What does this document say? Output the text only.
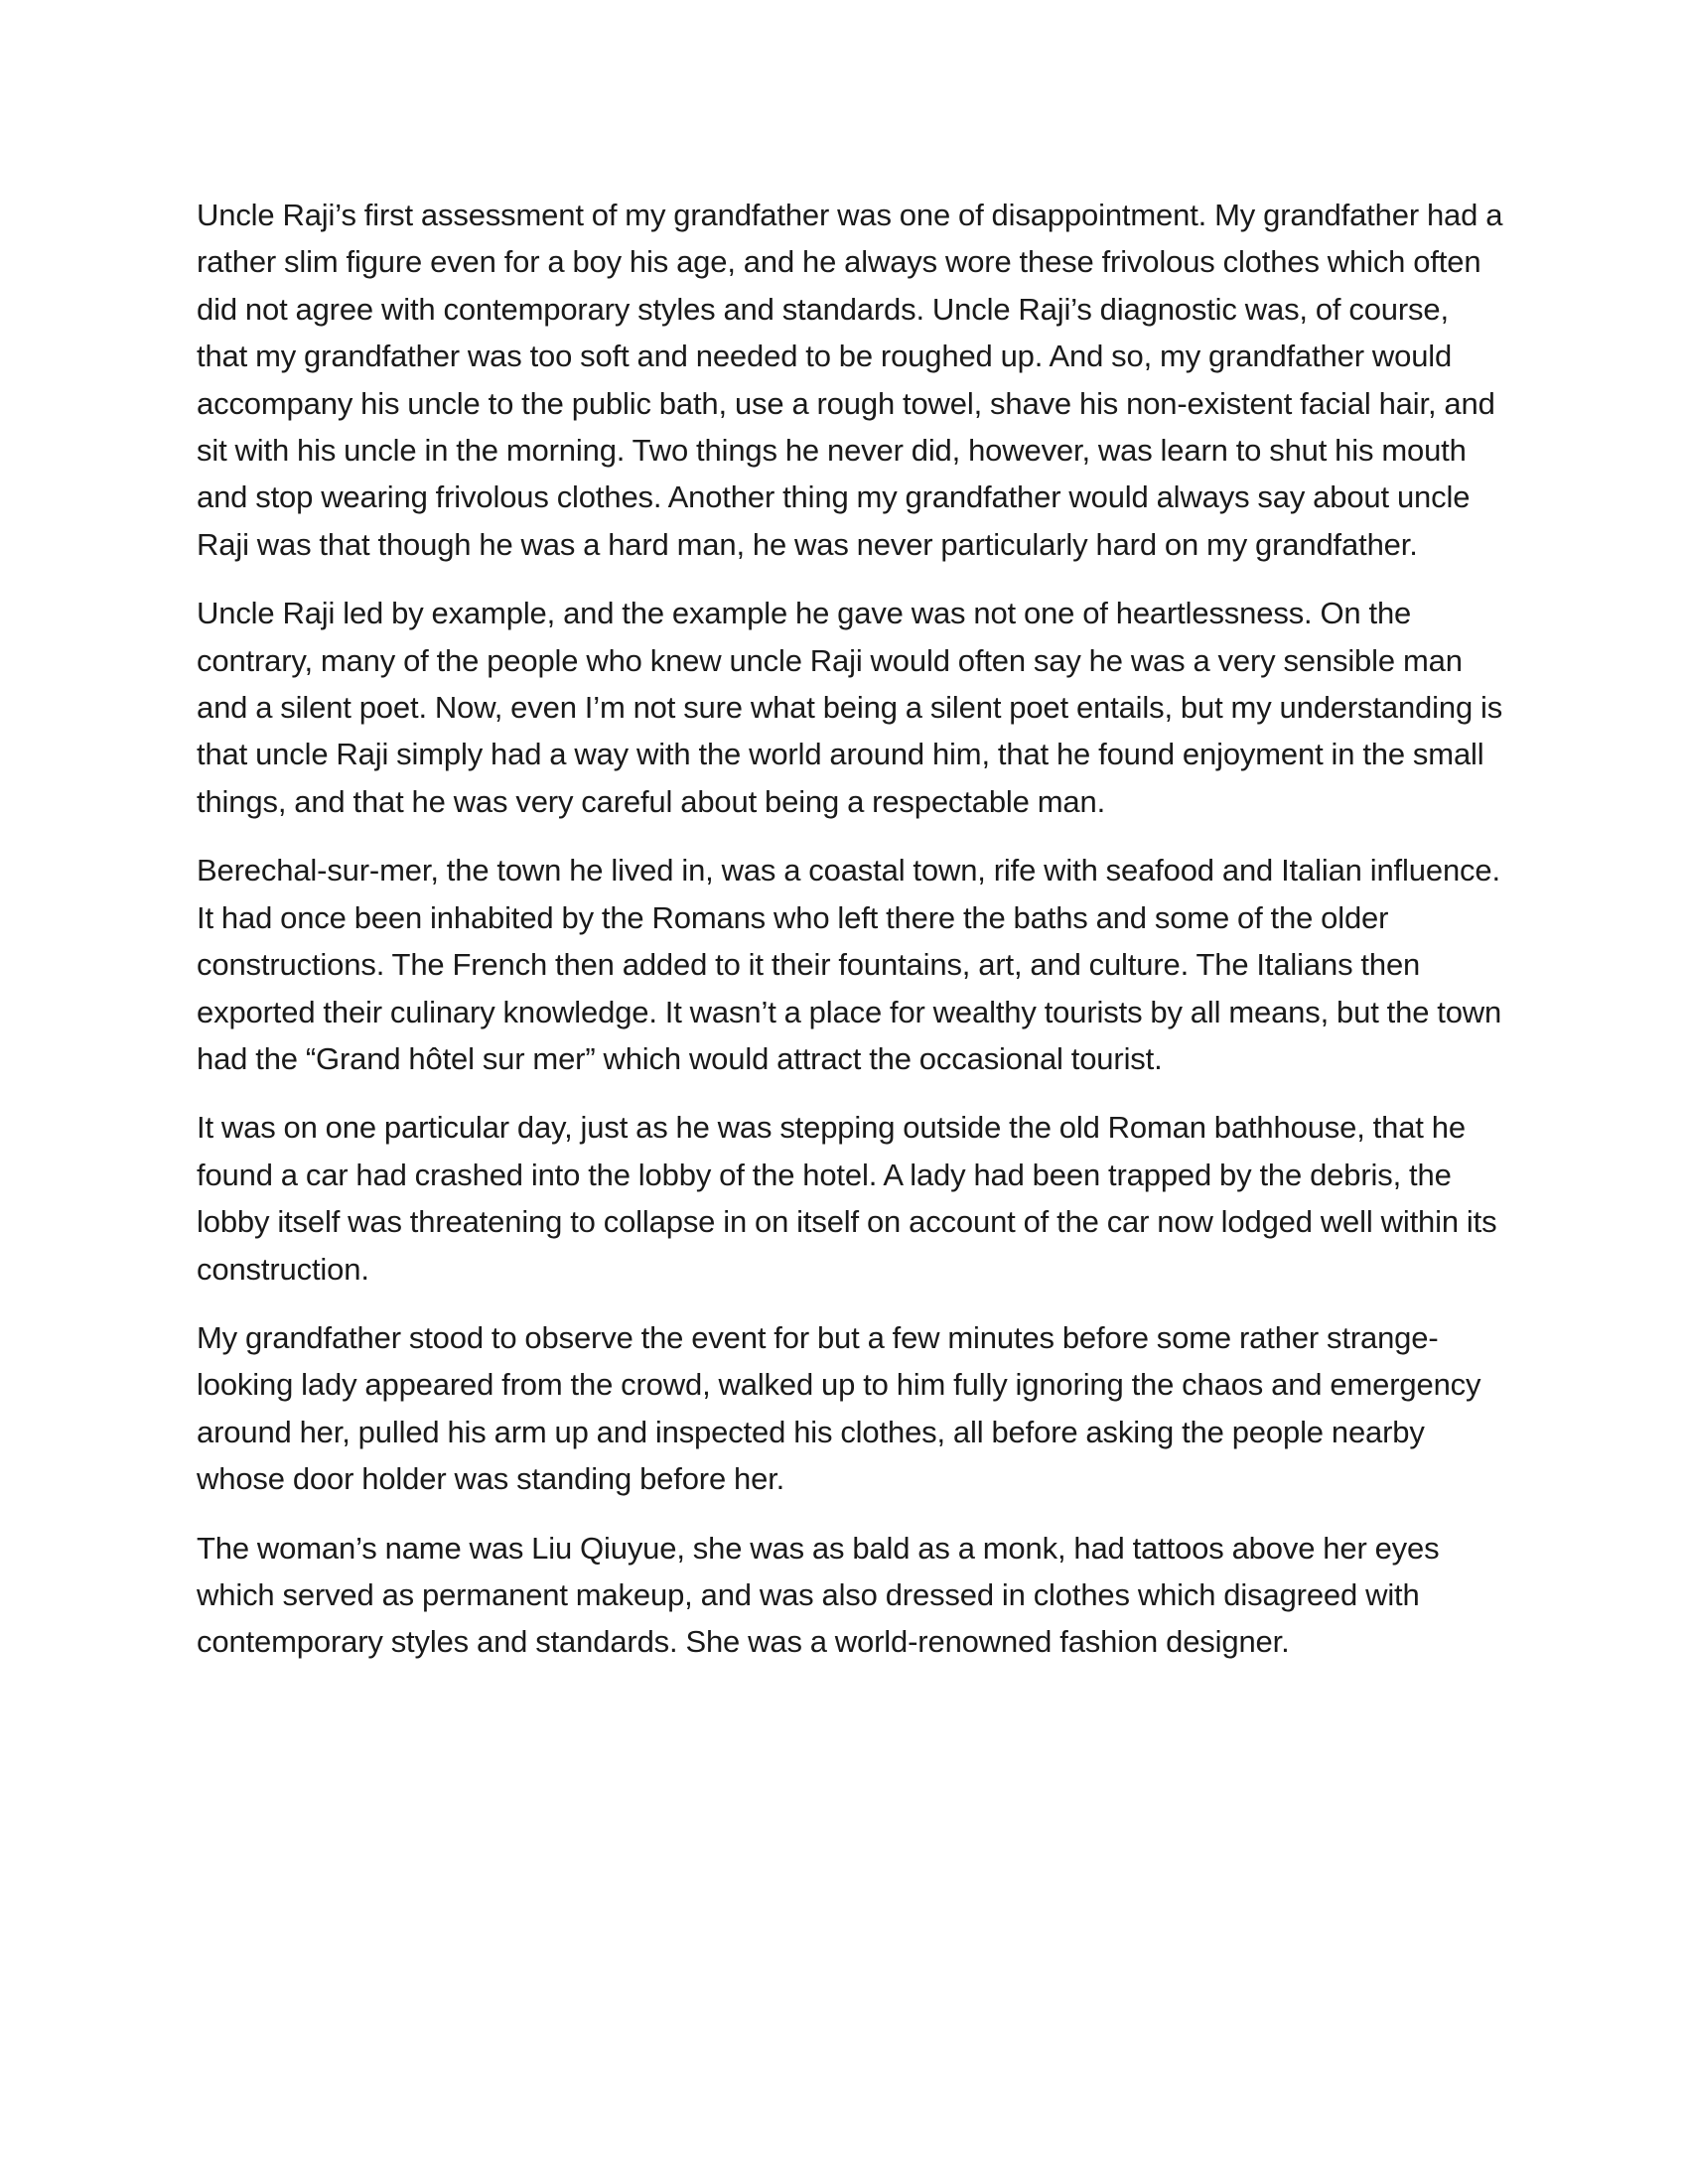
Uncle Raji’s first assessment of my grandfather was one of disappointment. My grandfather had a rather slim figure even for a boy his age, and he always wore these frivolous clothes which often did not agree with contemporary styles and standards. Uncle Raji’s diagnostic was, of course, that my grandfather was too soft and needed to be roughed up. And so, my grandfather would accompany his uncle to the public bath, use a rough towel, shave his non-existent facial hair, and sit with his uncle in the morning. Two things he never did, however, was learn to shut his mouth and stop wearing frivolous clothes. Another thing my grandfather would always say about uncle Raji was that though he was a hard man, he was never particularly hard on my grandfather.

Uncle Raji led by example, and the example he gave was not one of heartlessness. On the contrary, many of the people who knew uncle Raji would often say he was a very sensible man and a silent poet. Now, even I’m not sure what being a silent poet entails, but my understanding is that uncle Raji simply had a way with the world around him, that he found enjoyment in the small things, and that he was very careful about being a respectable man.

Berechal-sur-mer, the town he lived in, was a coastal town, rife with seafood and Italian influence. It had once been inhabited by the Romans who left there the baths and some of the older constructions. The French then added to it their fountains, art, and culture. The Italians then exported their culinary knowledge. It wasn’t a place for wealthy tourists by all means, but the town had the “Grand hôtel sur mer” which would attract the occasional tourist.

It was on one particular day, just as he was stepping outside the old Roman bathhouse, that he found a car had crashed into the lobby of the hotel. A lady had been trapped by the debris, the lobby itself was threatening to collapse in on itself on account of the car now lodged well within its construction.

My grandfather stood to observe the event for but a few minutes before some rather strange-looking lady appeared from the crowd, walked up to him fully ignoring the chaos and emergency around her, pulled his arm up and inspected his clothes, all before asking the people nearby whose door holder was standing before her.

The woman’s name was Liu Qiuyue, she was as bald as a monk, had tattoos above her eyes which served as permanent makeup, and was also dressed in clothes which disagreed with contemporary styles and standards. She was a world-renowned fashion designer.
